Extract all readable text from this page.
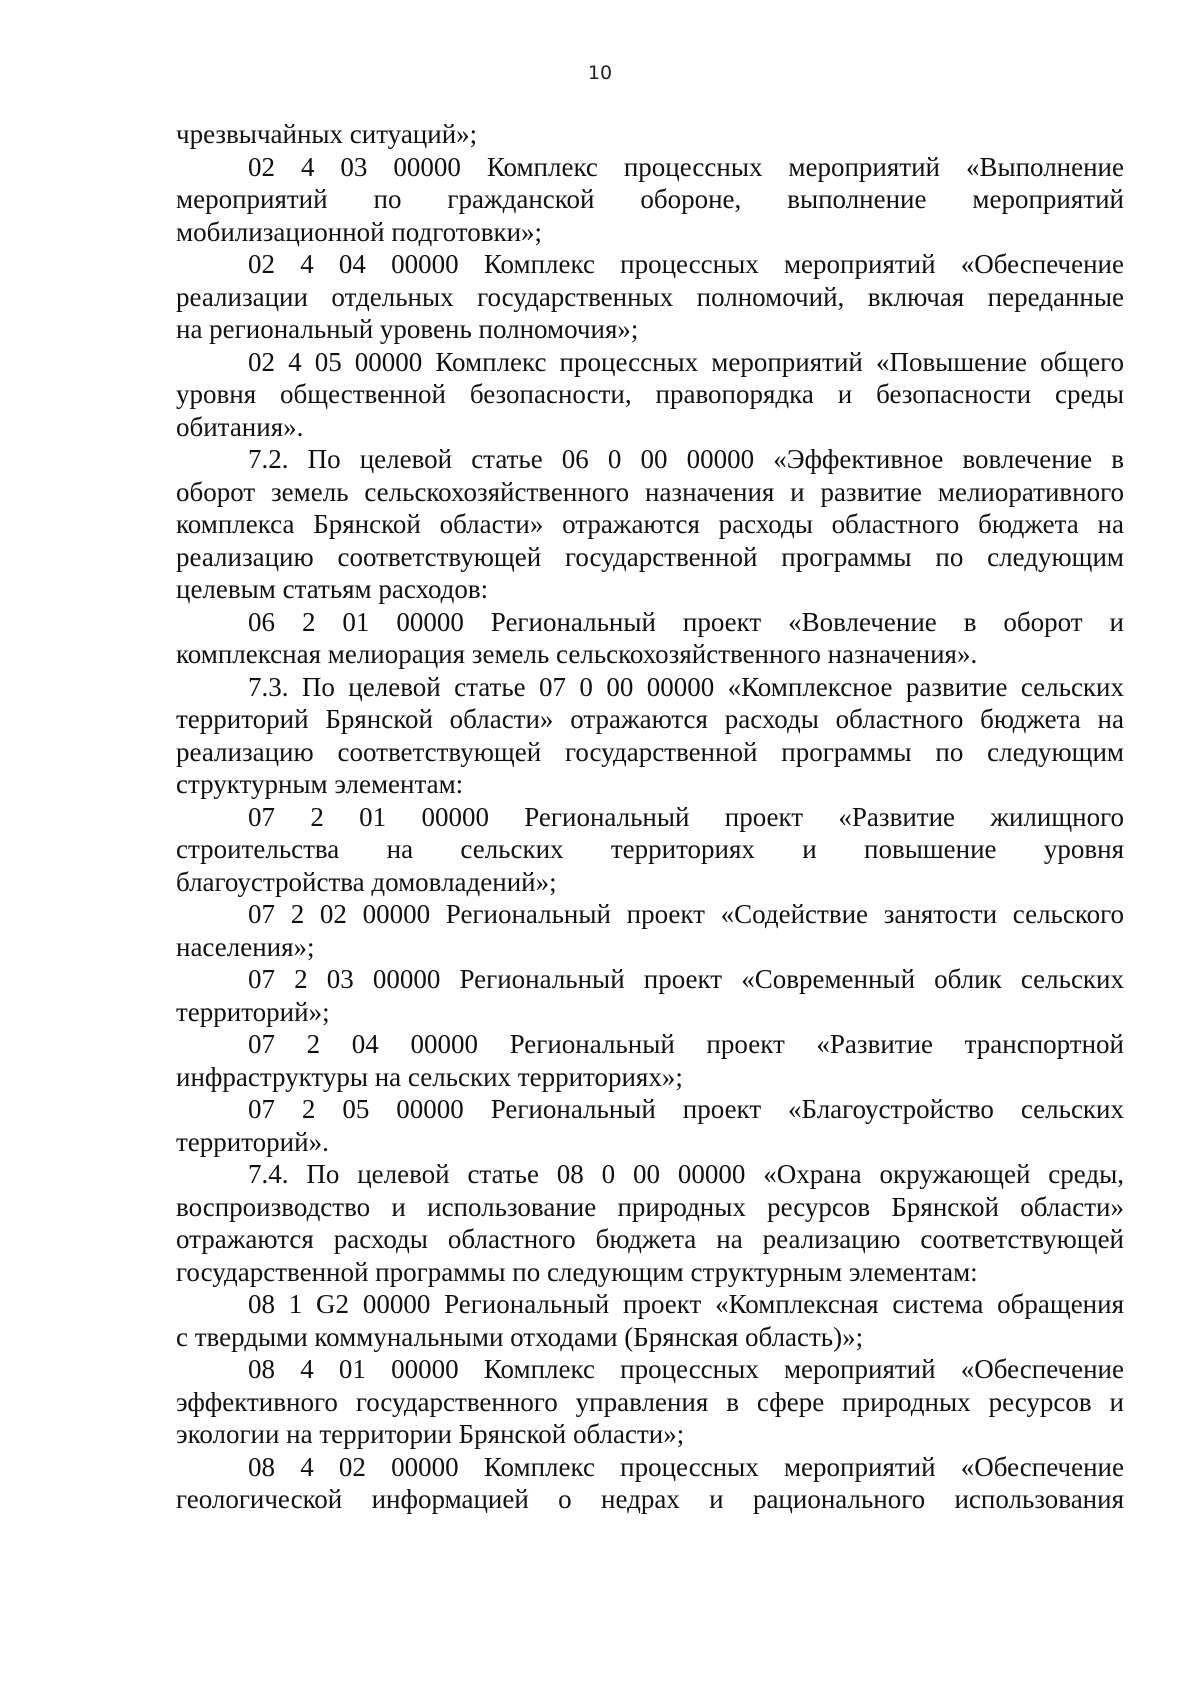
10
чрезвычайных ситуаций»;
02 4 03 00000 Комплекс процессных мероприятий «Выполнение
мероприятий по гражданской обороне, выполнение мероприятий
мобилизационной подготовки»;
02 4 04 00000 Комплекс процессных мероприятий «Обеспечение
реализации отдельных государственных полномочий, включая переданные
на региональный уровень полномочия»;
02 4 05 00000 Комплекс процессных мероприятий «Повышение общего
уровня общественной безопасности, правопорядка и безопасности среды
обитания».
7.2. По целевой статье 06 0 00 00000 «Эффективное вовлечение в
оборот земель сельскохозяйственного назначения и развитие мелиоративного
комплекса Брянской области» отражаются расходы областного бюджета на
реализацию соответствующей государственной программы по следующим
целевым статьям расходов:
06 2 01 00000 Региональный проект «Вовлечение в оборот и
комплексная мелиорация земель сельскохозяйственного назначения».
7.3. По целевой статье 07 0 00 00000 «Комплексное развитие сельских
территорий Брянской области» отражаются расходы областного бюджета на
реализацию соответствующей государственной программы по следующим
структурным элементам:
07 2 01 00000 Региональный проект «Развитие жилищного
строительства на сельских территориях и повышение уровня
благоустройства домовладений»;
07 2 02 00000 Региональный проект «Содействие занятости сельского
населения»;
07 2 03 00000 Региональный проект «Современный облик сельских
территорий»;
07 2 04 00000 Региональный проект «Развитие транспортной
инфраструктуры на сельских территориях»;
07 2 05 00000 Региональный проект «Благоустройство сельских
территорий».
7.4. По целевой статье 08 0 00 00000 «Охрана окружающей среды,
воспроизводство и использование природных ресурсов Брянской области»
отражаются расходы областного бюджета на реализацию соответствующей
государственной программы по следующим структурным элементам:
08 1 G2 00000 Региональный проект «Комплексная система обращения
с твердыми коммунальными отходами (Брянская область)»;
08 4 01 00000 Комплекс процессных мероприятий «Обеспечение
эффективного государственного управления в сфере природных ресурсов и
экологии на территории Брянской области»;
08 4 02 00000 Комплекс процессных мероприятий «Обеспечение
геологической информацией о недрах и рационального использования
